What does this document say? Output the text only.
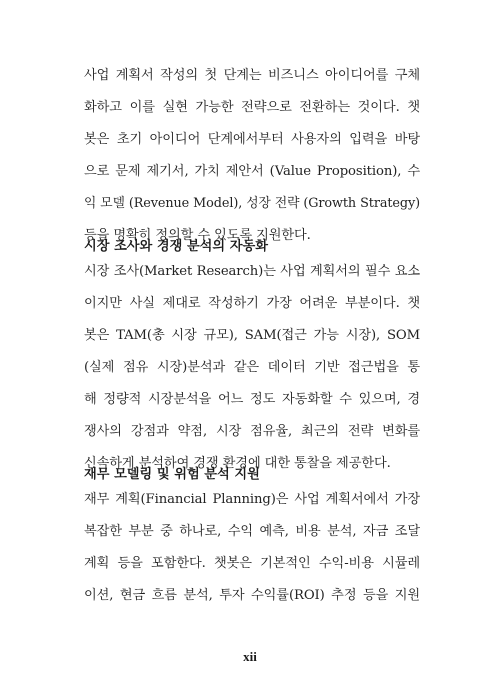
사업 계획서 작성의 첫 단계는 비즈니스 아이디어를 구체
화하고 이를 실현 가능한 전략으로 전환하는 것이다. 챗
봇은 초기 아이디어 단계에서부터 사용자의 입력을 바탕
으로 문제 제기서, 가치 제안서 (Value Proposition), 수
익 모델 (Revenue Model), 성장 전략 (Growth Strategy)
등을 명확히 정의할 수 있도록 지원한다.
시장 조사와 경쟁 분석의 자동화
시장 조사(Market Research)는 사업 계획서의 필수 요소
이지만 사실 제대로 작성하기 가장 어려운 부분이다. 챗
봇은 TAM(총 시장 규모), SAM(접근 가능 시장), SOM
(실제 점유 시장)분석과 같은 데이터 기반 접근법을 통
해 정량적 시장분석을 어느 정도 자동화할 수 있으며, 경
쟁사의 강점과 약점, 시장 점유율, 최근의 전략 변화를
신속하게 분석하여 경쟁 환경에 대한 통찰을 제공한다.
재무 모델링 및 위험 분석 지원
재무 계획(Financial Planning)은 사업 계획서에서 가장
복잡한 부분 중 하나로, 수익 예측, 비용 분석, 자금 조달
계획 등을 포함한다. 챗봇은 기본적인 수익-비용 시뮬레
이션, 현금 흐름 분석, 투자 수익률(ROI) 추정 등을 지원
xii
